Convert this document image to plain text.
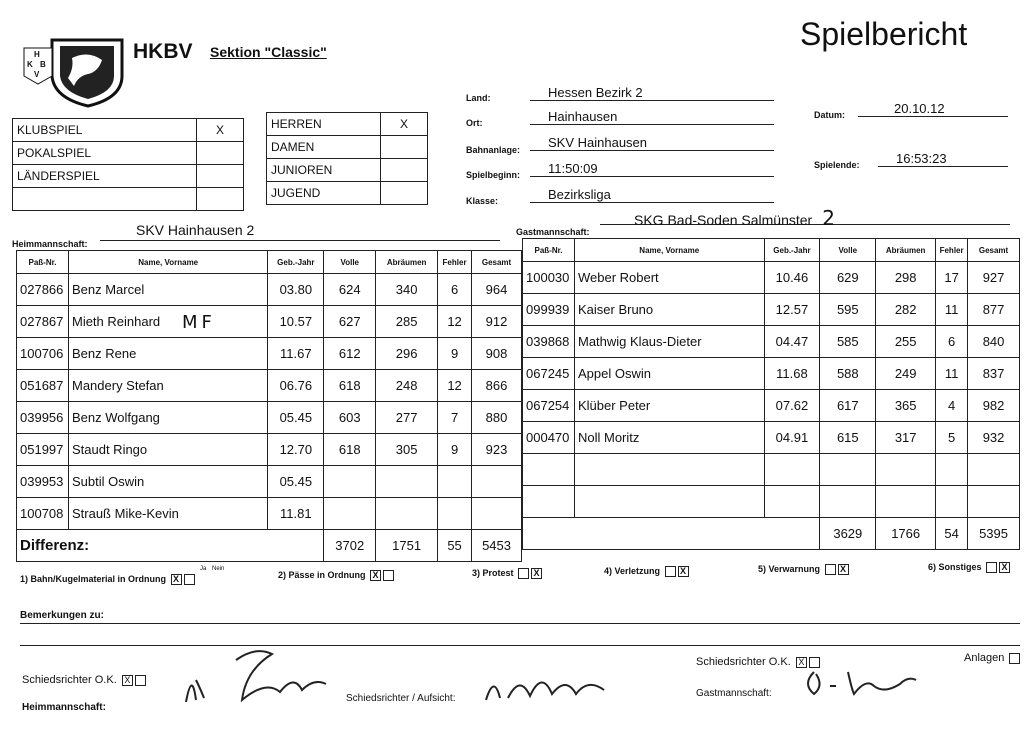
H
K B
V
HKBV Sektion "Classic"	Spielbericht
KLUBSPIEL	X
POKALSPIEL	
LÄNDERSPIEL	

HERREN	X
DAMEN	
JUNIOREN	
JUGEND	
Land:	Hessen Bezirk 2
Ort:	Hainhausen	Datum:	20.10.12
Bahnanlage:	SKV Hainhausen
Spielbeginn:	11:50:09	Spielende:	16:53:23
Klasse:	Bezirksliga
Heimmannschaft:
SKV Hainhausen 2	Gastmannschaft:
SKG Bad-Soden Salmünster 2
Paß-Nr.	Name, Vorname	Geb.-Jahr	Volle	Abräumen	Fehler	Gesamt
027866	Benz Marcel	03.80	624	340	6	964
027867	Mieth Reinhard	10.57	627	285	12	912
100706	Benz Rene	11.67	612	296	9	908
051687	Mandery Stefan	06.76	618	248	12	866
039956	Benz Wolfgang	05.45	603	277	7	880
051997	Staudt Ringo	12.70	618	305	9	923
039953	Subtil Oswin	05.45				
100708	Strauß Mike-Kevin	11.81				
Differenz:			3702	1751	55	5453
MF
Paß-Nr.	Name, Vorname	Geb.-Jahr	Volle	Abräumen	Fehler	Gesamt
100030	Weber Robert	10.46	629	298	17	927
099939	Kaiser Bruno	12.57	595	282	11	877
039868	Mathwig Klaus-Dieter	04.47	585	255	6	840
067245	Appel Oswin	11.68	588	249	11	837
067254	Klüber Peter	07.62	617	365	4	982
000470	Noll Moritz	04.91	615	317	5	932

			3629	1766	54	5395
1) Bahn/Kugelmaterial in Ordnung X	2) Pässe in Ordnung X	3) Protest X	4) Verletzung X	5) Verwarnung X	6) Sonstiges X
Ja Nein
Bemerkungen zu:
Schiedsrichter O.K. X
Heimmannschaft:
Schiedsrichter / Aufsicht:
Schiedsrichter O.K. X
Gastmannschaft:
Anlagen
